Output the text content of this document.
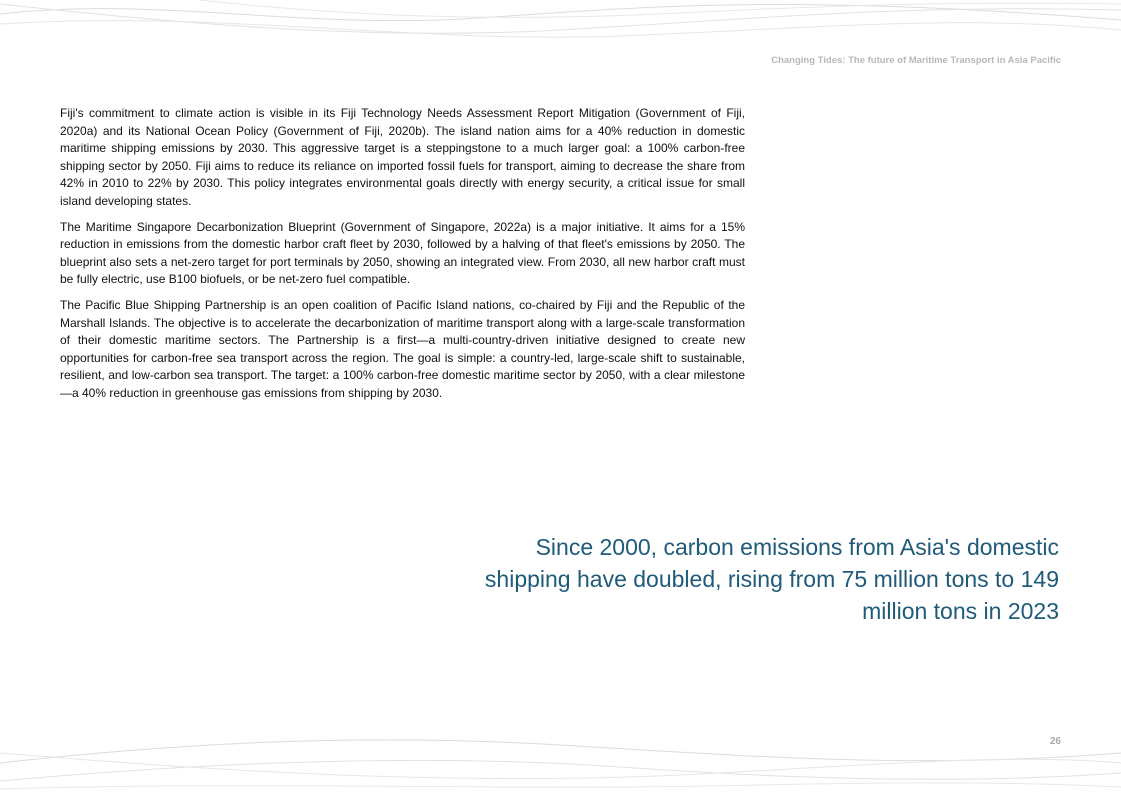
Changing Tides: The future of Maritime Transport in Asia Pacific

Fiji's commitment to climate action is visible in its Fiji Technology Needs Assessment Report Mitigation (Government of Fiji, 2020a) and its National Ocean Policy (Government of Fiji, 2020b). The island nation aims for a 40% reduction in domestic maritime shipping emissions by 2030. This aggressive target is a steppingstone to a much larger goal: a 100% carbon-free shipping sector by 2050. Fiji aims to reduce its reliance on imported fossil fuels for transport, aiming to decrease the share from 42% in 2010 to 22% by 2030. This policy integrates environmental goals directly with energy security, a critical issue for small island developing states.

The Maritime Singapore Decarbonization Blueprint (Government of Singapore, 2022a) is a major initiative. It aims for a 15% reduction in emissions from the domestic harbor craft fleet by 2030, followed by a halving of that fleet's emissions by 2050. The blueprint also sets a net-zero target for port terminals by 2050, showing an integrated view. From 2030, all new harbor craft must be fully electric, use B100 biofuels, or be net-zero fuel compatible.

The Pacific Blue Shipping Partnership is an open coalition of Pacific Island nations, co-chaired by Fiji and the Republic of the Marshall Islands. The objective is to accelerate the decarbonization of maritime transport along with a large-scale transformation of their domestic maritime sectors. The Partnership is a first—a multi-country-driven initiative designed to create new opportunities for carbon-free sea transport across the region. The goal is simple: a country-led, large-scale shift to sustainable, resilient, and low-carbon sea transport. The target: a 100% carbon-free domestic maritime sector by 2050, with a clear milestone—a 40% reduction in greenhouse gas emissions from shipping by 2030.

Since 2000, carbon emissions from Asia's domestic shipping have doubled, rising from 75 million tons to 149 million tons in 2023
26
